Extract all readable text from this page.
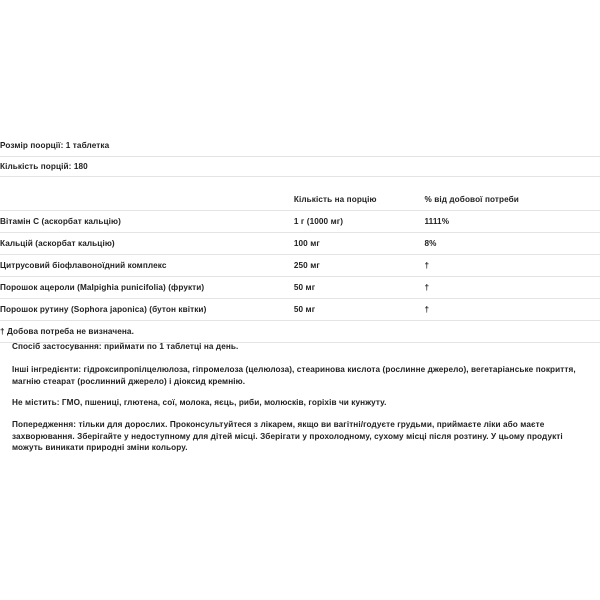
Розмір поорції: 1 таблетка		
Кількість порцій: 180		

	Кількість на порцію	% від добової потреби
Вітамін C (аскорбат кальцію)	1 г (1000 мг)	1111%
Кальцій (аскорбат кальцію)	100 мг	8%
Цитрусовий біофлавоноїдний комплекс	250 мг	†
Порошок ацероли (Malpighia punicifolia) (фрукти)	50 мг	†
Порошок рутину (Sophora japonica) (бутон квітки)	50 мг	†
† Добова потреба не визначена.		

Спосіб застосування: приймати по 1 таблетці на день.

Інші інгредієнти: гідроксипропілцелюлоза, гіпромелоза (целюлоза), стеаринова кислота (рослинне джерело), вегетаріанське покриття, магнію стеарат (рослинний джерело) і діоксид кремнію.

Не містить: ГМО, пшениці, глютена, сої, молока, яєць, риби, молюсків, горіхів чи кунжуту.

Попередження: тільки для дорослих. Проконсультуйтеся з лікарем, якщо ви вагітні/годуєте грудьми, приймаєте ліки або маєте захворювання. Зберігайте у недоступному для дітей місці. Зберігати у прохолодному, сухому місці після розтину. У цьому продукті можуть виникати природні зміни кольору.
